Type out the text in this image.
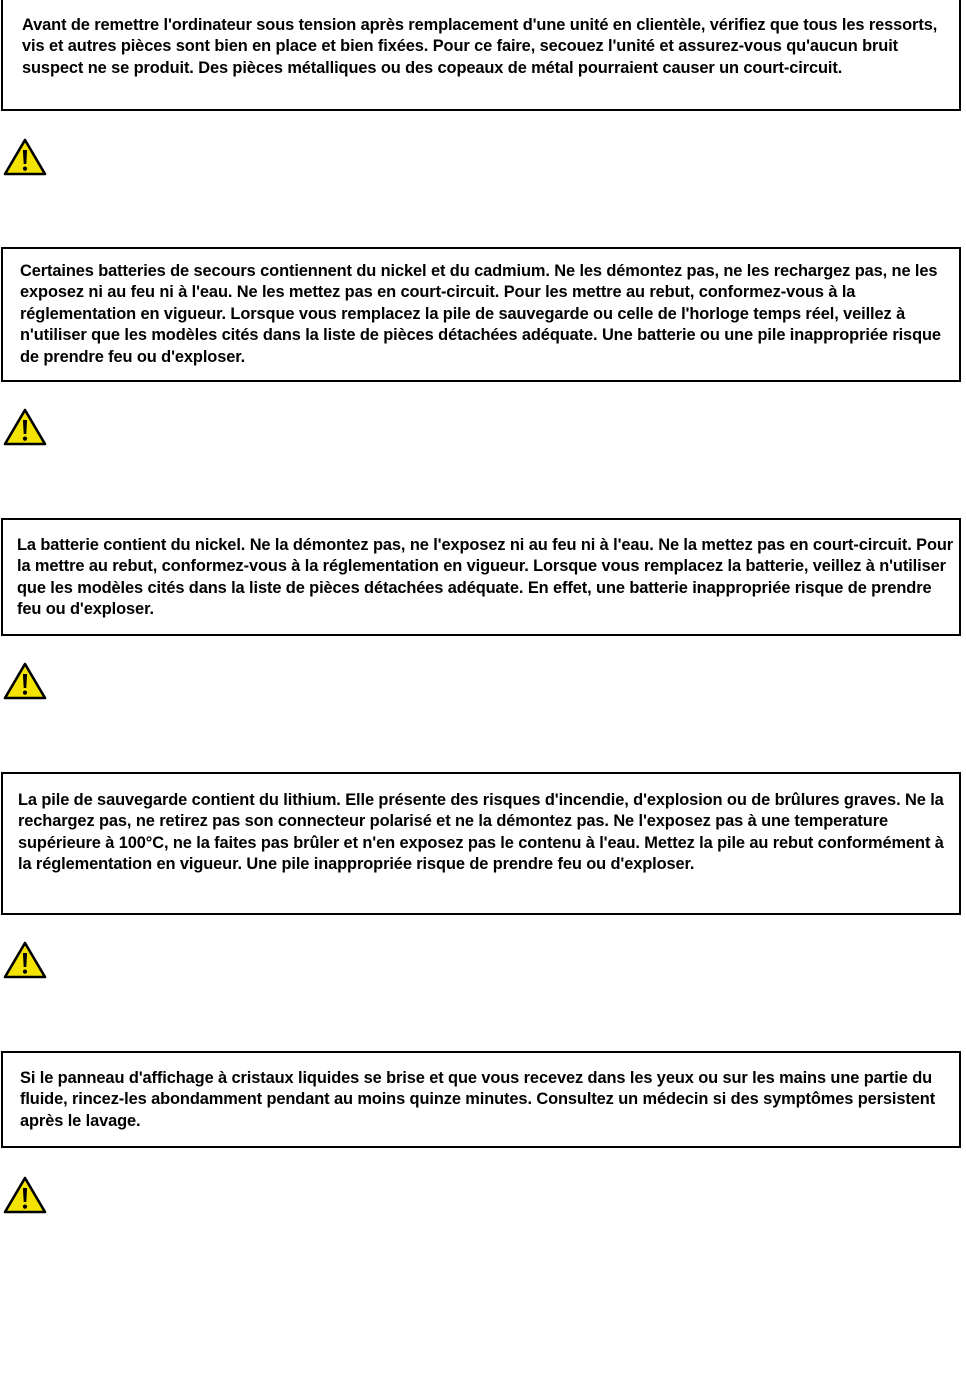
Avant de remettre l'ordinateur sous tension après remplacement d'une unité en clientèle, vérifiez que tous les ressorts, vis et autres pièces sont bien en place et bien fixées. Pour ce faire, secouez l'unité et assurez-vous qu'aucun bruit suspect ne se produit. Des pièces métalliques ou des copeaux de métal pourraient causer un court-circuit.

Certaines batteries de secours contiennent du nickel et du cadmium. Ne les démontez pas, ne les rechargez pas, ne les exposez ni au feu ni à l'eau. Ne les mettez pas en court-circuit. Pour les mettre au rebut, conformez-vous à la réglementation en vigueur. Lorsque vous remplacez la pile de sauvegarde ou celle de l'horloge temps réel, veillez à n'utiliser que les modèles cités dans la liste de pièces détachées adéquate. Une batterie ou une pile inappropriée risque de prendre feu ou d'exploser.

La batterie contient du nickel. Ne la démontez pas, ne l'exposez ni au feu ni à l'eau. Ne la mettez pas en court-circuit. Pour la mettre au rebut, conformez-vous à la réglementation en vigueur. Lorsque vous remplacez la batterie, veillez à n'utiliser que les modèles cités dans la liste de pièces détachées adéquate. En effet, une batterie inappropriée risque de prendre feu ou d'exploser.

La pile de sauvegarde contient du lithium. Elle présente des risques d'incendie, d'explosion ou de brûlures graves. Ne la rechargez pas, ne retirez pas son connecteur polarisé et ne la démontez pas. Ne l'exposez pas à une temperature supérieure à 100°C, ne la faites pas brûler et n'en exposez pas le contenu à l'eau. Mettez la pile au rebut conformément à la réglementation en vigueur. Une pile inappropriée risque de prendre feu ou d'exploser.

Si le panneau d'affichage à cristaux liquides se brise et que vous recevez dans les yeux ou sur les mains une partie du fluide, rincez-les abondamment pendant au moins quinze minutes. Consultez un médecin si des symptômes persistent après le lavage.
